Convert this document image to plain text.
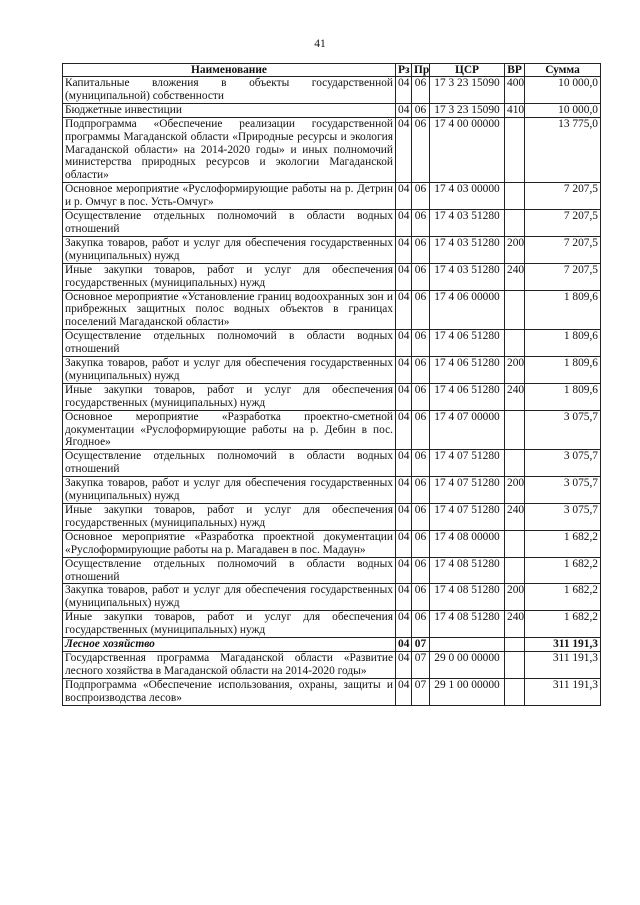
41
Наименование	Рз	Пр	ЦСР	ВР	Сумма
Капитальные вложения в объекты государственной (муниципальной) собственности	04	06	17 3 23 15090	400	10 000,0
Бюджетные инвестиции	04	06	17 3 23 15090	410	10 000,0
Подпрограмма «Обеспечение реализации государственной программы Магаданской области «Природные ресурсы и экология Магаданской области» на 2014-2020 годы» и иных полномочий министерства природных ресурсов и экологии Магаданской области»	04	06	17 4 00 00000		13 775,0
Основное мероприятие «Руслоформирующие работы на р. Детрин и р. Омчуг в пос. Усть-Омчуг»	04	06	17 4 03 00000		7 207,5
Осуществление отдельных полномочий в области водных отношений	04	06	17 4 03 51280		7 207,5
Закупка товаров, работ и услуг для обеспечения государственных (муниципальных) нужд	04	06	17 4 03 51280	200	7 207,5
Иные закупки товаров, работ и услуг для обеспечения государственных (муниципальных) нужд	04	06	17 4 03 51280	240	7 207,5
Основное мероприятие «Установление границ водоохранных зон и прибрежных защитных полос водных объектов в границах поселений Магаданской области»	04	06	17 4 06 00000		1 809,6
Осуществление отдельных полномочий в области водных отношений	04	06	17 4 06 51280		1 809,6
Закупка товаров, работ и услуг для обеспечения государственных (муниципальных) нужд	04	06	17 4 06 51280	200	1 809,6
Иные закупки товаров, работ и услуг для обеспечения государственных (муниципальных) нужд	04	06	17 4 06 51280	240	1 809,6
Основное мероприятие «Разработка проектно-сметной документации «Руслоформирующие работы на р. Дебин в пос. Ягодное»	04	06	17 4 07 00000		3 075,7
Осуществление отдельных полномочий в области водных отношений	04	06	17 4 07 51280		3 075,7
Закупка товаров, работ и услуг для обеспечения государственных (муниципальных) нужд	04	06	17 4 07 51280	200	3 075,7
Иные закупки товаров, работ и услуг для обеспечения государственных (муниципальных) нужд	04	06	17 4 07 51280	240	3 075,7
Основное мероприятие «Разработка проектной документации «Руслоформирующие работы на р. Магадавен в пос. Мадаун»	04	06	17 4 08 00000		1 682,2
Осуществление отдельных полномочий в области водных отношений	04	06	17 4 08 51280		1 682,2
Закупка товаров, работ и услуг для обеспечения государственных (муниципальных) нужд	04	06	17 4 08 51280	200	1 682,2
Иные закупки товаров, работ и услуг для обеспечения государственных (муниципальных) нужд	04	06	17 4 08 51280	240	1 682,2
Лесное хозяйство	04	07			311 191,3
Государственная программа Магаданской области «Развитие лесного хозяйства в Магаданской области на 2014-2020 годы»	04	07	29 0 00 00000		311 191,3
Подпрограмма «Обеспечение использования, охраны, защиты и воспроизводства лесов»	04	07	29 1 00 00000		311 191,3
